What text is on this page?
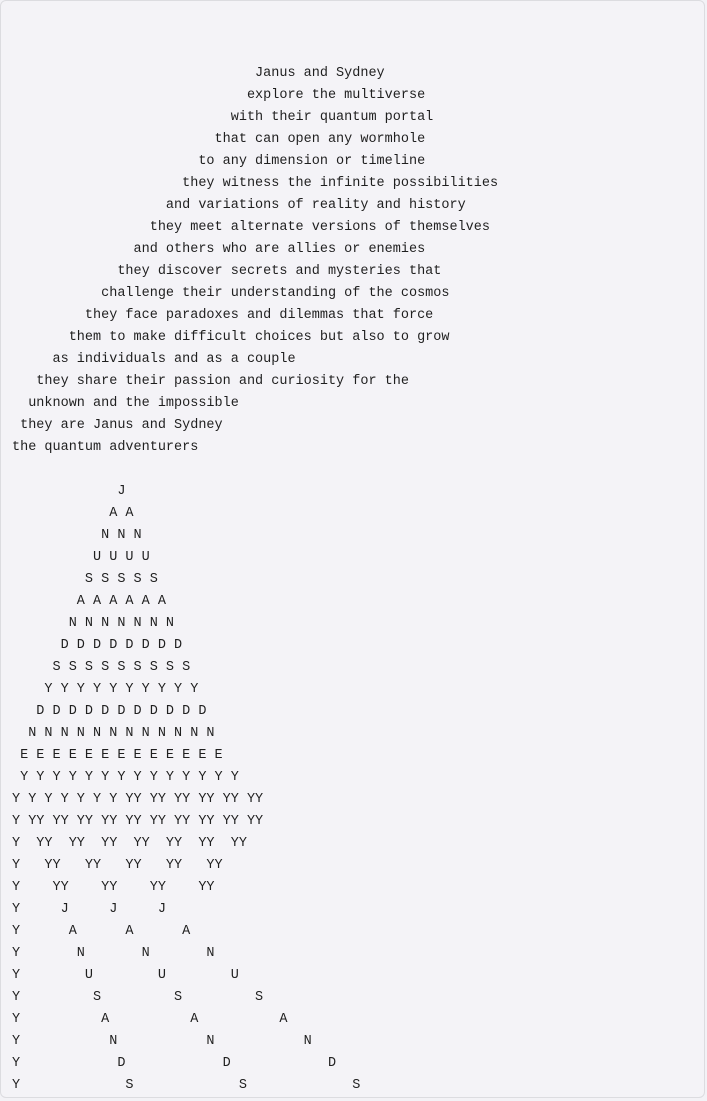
Janus and Sydney
explore the multiverse
with their quantum portal
that can open any wormhole
to any dimension or timeline
they witness the infinite possibilities
and variations of reality and history
they meet alternate versions of themselves
and others who are allies or enemies
they discover secrets and mysteries that
challenge their understanding of the cosmos
they face paradoxes and dilemmas that force
them to make difficult choices but also to grow
as individuals and as a couple
they share their passion and curiosity for the
unknown and the impossible
they are Janus and Sydney
the quantum adventurers

J
A A
N N N
U U U U
S S S S S
A A A A A A
N N N N N N N
D D D D D D D D
S S S S S S S S S
Y Y Y Y Y Y Y Y Y Y
D D D D D D D D D D D
N N N N N N N N N N N N
E E E E E E E E E E E E E
Y Y Y Y Y Y Y Y Y Y Y Y Y Y
Y Y Y Y Y Y Y YY YY YY YY YY YY
Y YY YY YY YY YY YY YY YY YY YY
Y  YY  YY  YY  YY  YY  YY  YY
Y   YY   YY   YY   YY   YY
Y    YY    YY    YY    YY
Y     J     J     J
Y      A      A      A
Y       N       N       N
Y        U        U        U
Y         S         S         S
Y          A          A          A
Y           N           N           N
Y            D            D            D
Y             S             S             S
